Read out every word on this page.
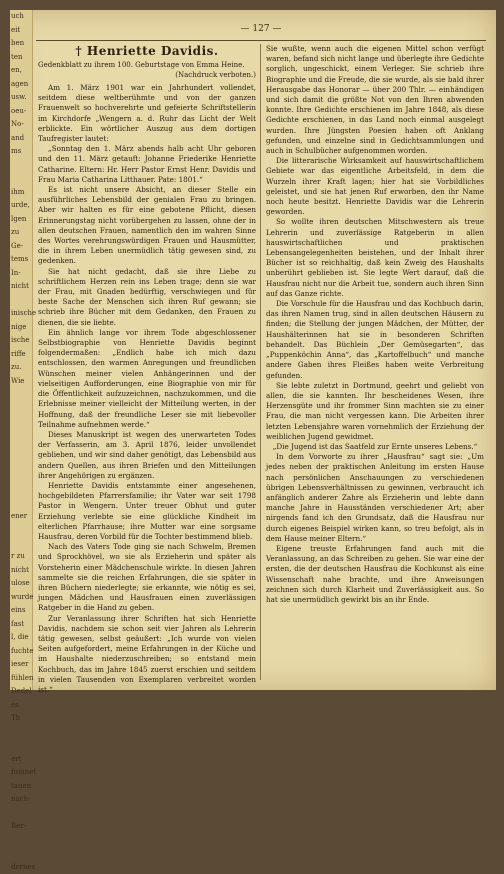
uch
eit
ben
ten
en,
agen
usw.
oeu-
No-
and
ms

ihm
urde,
lgen
zu
Ge-
tems
In-
nicht

inische
nige
ische
riffe
zu.
Wie

ener

r zu
nicht
ulose
wurde
eins
fast
l, die
fuchte
ieser
fühlen
Dedel
es
Th

ert
fumnet
tauen
nach-

Ber-

dernes
— 127 —
† Henriette Davidis.
Gedenkblatt zu ihrem 100. Geburtstage von Emma Heine.
(Nachdruck verboten.)

Am 1. März 1901 war ein Jahrhundert vollendet, seitdem diese weltberühmte und von der ganzen Frauenwelt so hochverehrte und gefeierte Schriftstellerin im Kirchdorfe „Wengern a. d. Ruhr das Licht der Welt erblickte. Ein wörtlicher Auszug aus dem dortigen Taufregister lautet:

„Sonntag den 1. März abends halb acht Uhr geboren und den 11. März getauft: Johanne Friederike Henriette Catharine. Eltern: Hr. Herr Pastor Ernst Henr. Davidis und Frau Maria Catharina Litthauer. Pate: 1801.“

Es ist nicht unsere Absicht, an dieser Stelle ein ausführliches Lebensbild der genialen Frau zu bringen. Aber wir halten es für eine gebotene Pflicht, diesen Erinnerungstag nicht vorübergehen zu lassen, ohne der in allen deutschen Frauen, namentlich den im wahren Sinne des Wortes verehrungswürdigen Frauen und Hausmütter, die in ihrem Leben unermüdlich tätig gewesen sind, zu gedenken.

Sie hat nicht gedacht, daß sie ihre Liebe zu schriftlichem Herzen rein ins Leben trage; denn sie war der Frau, mit Gnaden bedürftig, verschwiegen und für beste Sache der Menschen sich ihren Ruf gewann; sie schrieb ihre Bücher mit dem Gedanken, den Frauen zu dienen, die sie liebte.

Ein ähnlich lange vor ihrem Tode abgeschlossener Selbstbiographie von Henriette Davidis beginnt folgendermaßen: „Endlich habe ich mich dazu entschlossen, den warmen Anregungen und freundlichen Wünschen meiner vielen Anhängerinnen und der vielseitigen Aufforderungen, eine Biographie von mir für die Öffentlichkeit aufzuzeichnen, nachzukommen, und die Erlebnisse meiner vielleicht der Mitteilung werten, in der Hoffnung, daß der freundliche Leser sie mit liebevoller Teilnahme aufnehmen werde.“

Dieses Manuskript ist wegen des unerwarteten Todes der Verfasserin, am 3. April 1876, leider unvollendet geblieben, und wir sind daher genötigt, das Lebensbild aus andern Quellen, aus ihren Briefen und den Mitteilungen ihrer Angehörigen zu ergänzen.

Henriette Davidis entstammte einer angesehenen, hochgebildeten Pfarrersfamilie; ihr Vater war seit 1798 Pastor in Wengern. Unter treuer Obhut und guter Erziehung verlebte sie eine glückliche Kindheit im elterlichen Pfarrhause; ihre Mutter war eine sorgsame Hausfrau, deren Vorbild für die Tochter bestimmend blieb.

Nach des Vaters Tode ging sie nach Schwelm, Bremen und Sprockhövel, wo sie als Erzieherin und später als Vorsteherin einer Mädchenschule wirkte. In diesen Jahren sammelte sie die reichen Erfahrungen, die sie später in ihren Büchern niederlegte; sie erkannte, wie nötig es sei, jungen Mädchen und Hausfrauen einen zuverlässigen Ratgeber in die Hand zu geben.

Zur Veranlassung ihrer Schriften hat sich Henriette Davidis, nachdem sie schon seit vier Jahren als Lehrerin tätig gewesen, selbst geäußert: „Ich wurde von vielen Seiten aufgefordert, meine Erfahrungen in der Küche und im Haushalte niederzuschreiben; so entstand mein Kochbuch, das im Jahre 1845 zuerst erschien und seitdem in vielen Tausenden von Exemplaren verbreitet worden ist.“

Sie wußte, wenn auch die eigenen Mittel schon verfügt waren, befand sich nicht lange und überlegte ihre Gedichte sorglich, ungeschickt, einem Verleger. Sie schrieb ihre Biographie und die Freude, die sie wurde, als sie bald ihrer Herausgabe das Honorar — über 200 Thlr. — einhändigen und sich damit die größte Not von den Ihren abwenden konnte. Ihre Gedichte erschienen im Jahre 1848, als diese Gedichte erschienen, in das Land noch einmal ausgelegt wurden. Ihre Jüngsten Poesien haben oft Anklang gefunden, und einzelne sind in Gedichtsammlungen und auch in Schulbücher aufgenommen worden.

Die litterarische Wirksamkeit auf hauswirtschaftlichem Gebiete war das eigentliche Arbeitsfeld, in dem die Wurzeln ihrer Kraft lagen; hier hat sie Vorbildliches geleistet, und sie hat jenen Ruf erworben, den ihr Name noch heute besitzt. Henriette Davidis war die Lehrerin geworden.

So wollte ihren deutschen Mitschwestern als treue Lehrerin und zuverlässige Ratgeberin in allen hauswirtschaftlichen und praktischen Lebensangelegenheiten beistehen, und der Inhalt ihrer Bücher ist so reichhaltig, daß kein Zweig des Haushalts unberührt geblieben ist. Sie legte Wert darauf, daß die Hausfrau nicht nur die Arbeit tue, sondern auch ihren Sinn auf das Ganze richte.

Die Vorschule für die Hausfrau und das Kochbuch darin, das ihren Namen trug, sind in allen deutschen Häusern zu finden; die Stellung der jungen Mädchen, der Mütter, der Haushälterinnen hat sie in besonderen Schriften behandelt. Das Büchlein „Der Gemüsegarten“, das „Puppenköchin Anna“, das „Kartoffelbuch“ und manche andere Gaben ihres Fleißes haben weite Verbreitung gefunden.

Sie lebte zuletzt in Dortmund, geehrt und geliebt von allen, die sie kannten. Ihr bescheidenes Wesen, ihre Herzensgüte und ihr frommer Sinn machten sie zu einer Frau, die man nicht vergessen kann. Die Arbeiten ihrer letzten Lebensjahre waren vornehmlich der Erziehung der weiblichen Jugend gewidmet.

„Die Jugend ist das Saatfeld zur Ernte unseres Lebens.“

In dem Vorworte zu ihrer „Hausfrau“ sagt sie: „Um jedes neben der praktischen Anleitung im ersten Hause nach persönlichen Anschauungen zu verschiedenen übrigen Lebensverhältnissen zu gewinnen, verbraucht ich anfänglich anderer Zahre als Erzieherin und lebte dann manche Jahre in Hausständen verschiedener Art; aber nirgends fand ich den Grundsatz, daß die Hausfrau nur durch eigenes Beispiel wirken kann, so treu befolgt, als in dem Hause meiner Eltern.“

Eigene treuste Erfahrungen fand auch mit die Veranlassung, an das Schreiben zu gehen. Sie war eine der ersten, die der deutschen Hausfrau die Kochkunst als eine Wissenschaft nahe brachte, und ihre Anweisungen zeichnen sich durch Klarheit und Zuverlässigkeit aus. So hat sie unermüdlich gewirkt bis an ihr Ende.
